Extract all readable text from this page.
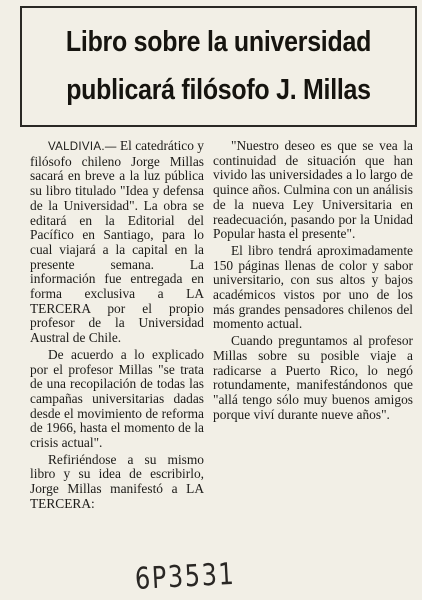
Libro sobre la universidad
publicará filósofo J. Millas

VALDIVIA.— El catedrático y filósofo chileno Jorge Millas sacará en breve a la luz pública su libro titulado "Idea y defensa de la Universidad". La obra se editará en la Editorial del Pacífico en Santiago, para lo cual viajará a la capital en la presente semana. La información fue entregada en forma exclusiva a LA TERCERA por el propio profesor de la Universidad Austral de Chile.

De acuerdo a lo explicado por el profesor Millas "se trata de una recopilación de todas las campañas universitarias dadas desde el movimiento de reforma de 1966, hasta el momento de la crisis actual".

Refiriéndose a su mismo libro y su idea de escribirlo, Jorge Millas manifestó a LA TERCERA:

"Nuestro deseo es que se vea la continuidad de situación que han vivido las universidades a lo largo de quince años. Culmina con un análisis de la nueva Ley Universitaria en readecuación, pasando por la Unidad Popular hasta el presente".

El libro tendrá aproximadamente 150 páginas llenas de color y sabor universitario, con sus altos y bajos académicos vistos por uno de los más grandes pensadores chilenos del momento actual.

Cuando preguntamos al profesor Millas sobre su posible viaje a radicarse a Puerto Rico, lo negó rotundamente, manifestándonos que "allá tengo sólo muy buenos amigos porque viví durante nueve años".

6P3531
